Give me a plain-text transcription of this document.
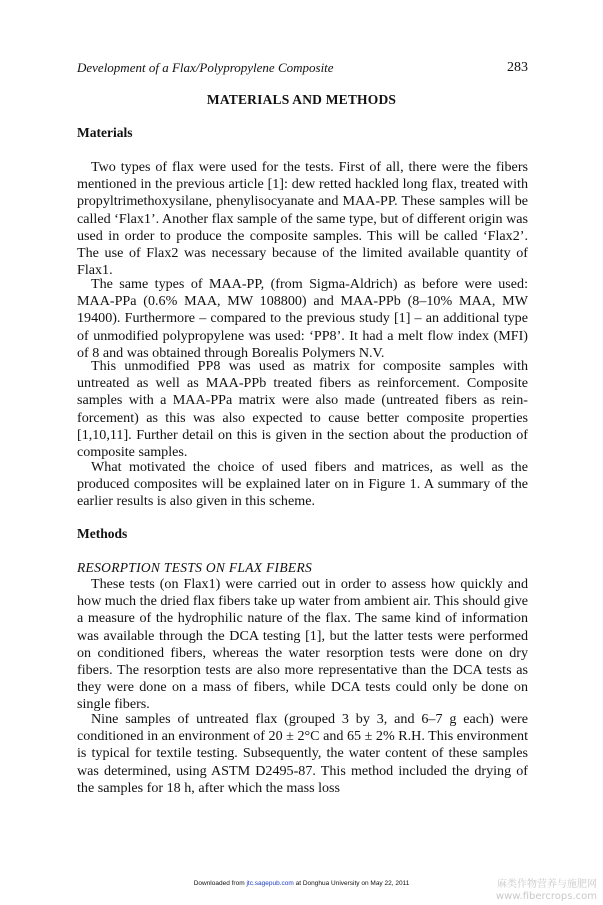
Development of a Flax/Polypropylene Composite	283
MATERIALS AND METHODS
Materials
Two types of flax were used for the tests. First of all, there were the fibers mentioned in the previous article [1]: dew retted hackled long flax, treated with propyltrimethoxysilane, phenylisocyanate and MAA-PP. These samples will be called ‘Flax1’. Another flax sample of the same type, but of different origin was used in order to produce the composite samples. This will be called ‘Flax2’. The use of Flax2 was necessary because of the limited available quantity of Flax1.
The same types of MAA-PP, (from Sigma-Aldrich) as before were used: MAA-PPa (0.6% MAA, MW 108800) and MAA-PPb (8–10% MAA, MW 19400). Furthermore – compared to the previous study [1] – an additional type of unmodified polypropylene was used: ‘PP8’. It had a melt flow index (MFI) of 8 and was obtained through Borealis Polymers N.V.
This unmodified PP8 was used as matrix for composite samples with untreated as well as MAA-PPb treated fibers as reinforcement. Composite samples with a MAA-PPa matrix were also made (untreated fibers as reinforcement) as this was also expected to cause better composite properties [1,10,11]. Further detail on this is given in the section about the production of composite samples.
What motivated the choice of used fibers and matrices, as well as the produced composites will be explained later on in Figure 1. A summary of the earlier results is also given in this scheme.
Methods
RESORPTION TESTS ON FLAX FIBERS
These tests (on Flax1) were carried out in order to assess how quickly and how much the dried flax fibers take up water from ambient air. This should give a measure of the hydrophilic nature of the flax. The same kind of information was available through the DCA testing [1], but the latter tests were performed on conditioned fibers, whereas the water resorption tests were done on dry fibers. The resorption tests are also more representative than the DCA tests as they were done on a mass of fibers, while DCA tests could only be done on single fibers.
Nine samples of untreated flax (grouped 3 by 3, and 6–7 g each) were conditioned in an environment of 20 ± 2°C and 65 ± 2% R.H. This environment is typical for textile testing. Subsequently, the water content of these samples was determined, using ASTM D2495-87. This method included the drying of the samples for 18 h, after which the mass loss
Downloaded from jtc.sagepub.com at Donghua University on May 22, 2011	麻类作物营养与施肥网
www.fibercrops.com
